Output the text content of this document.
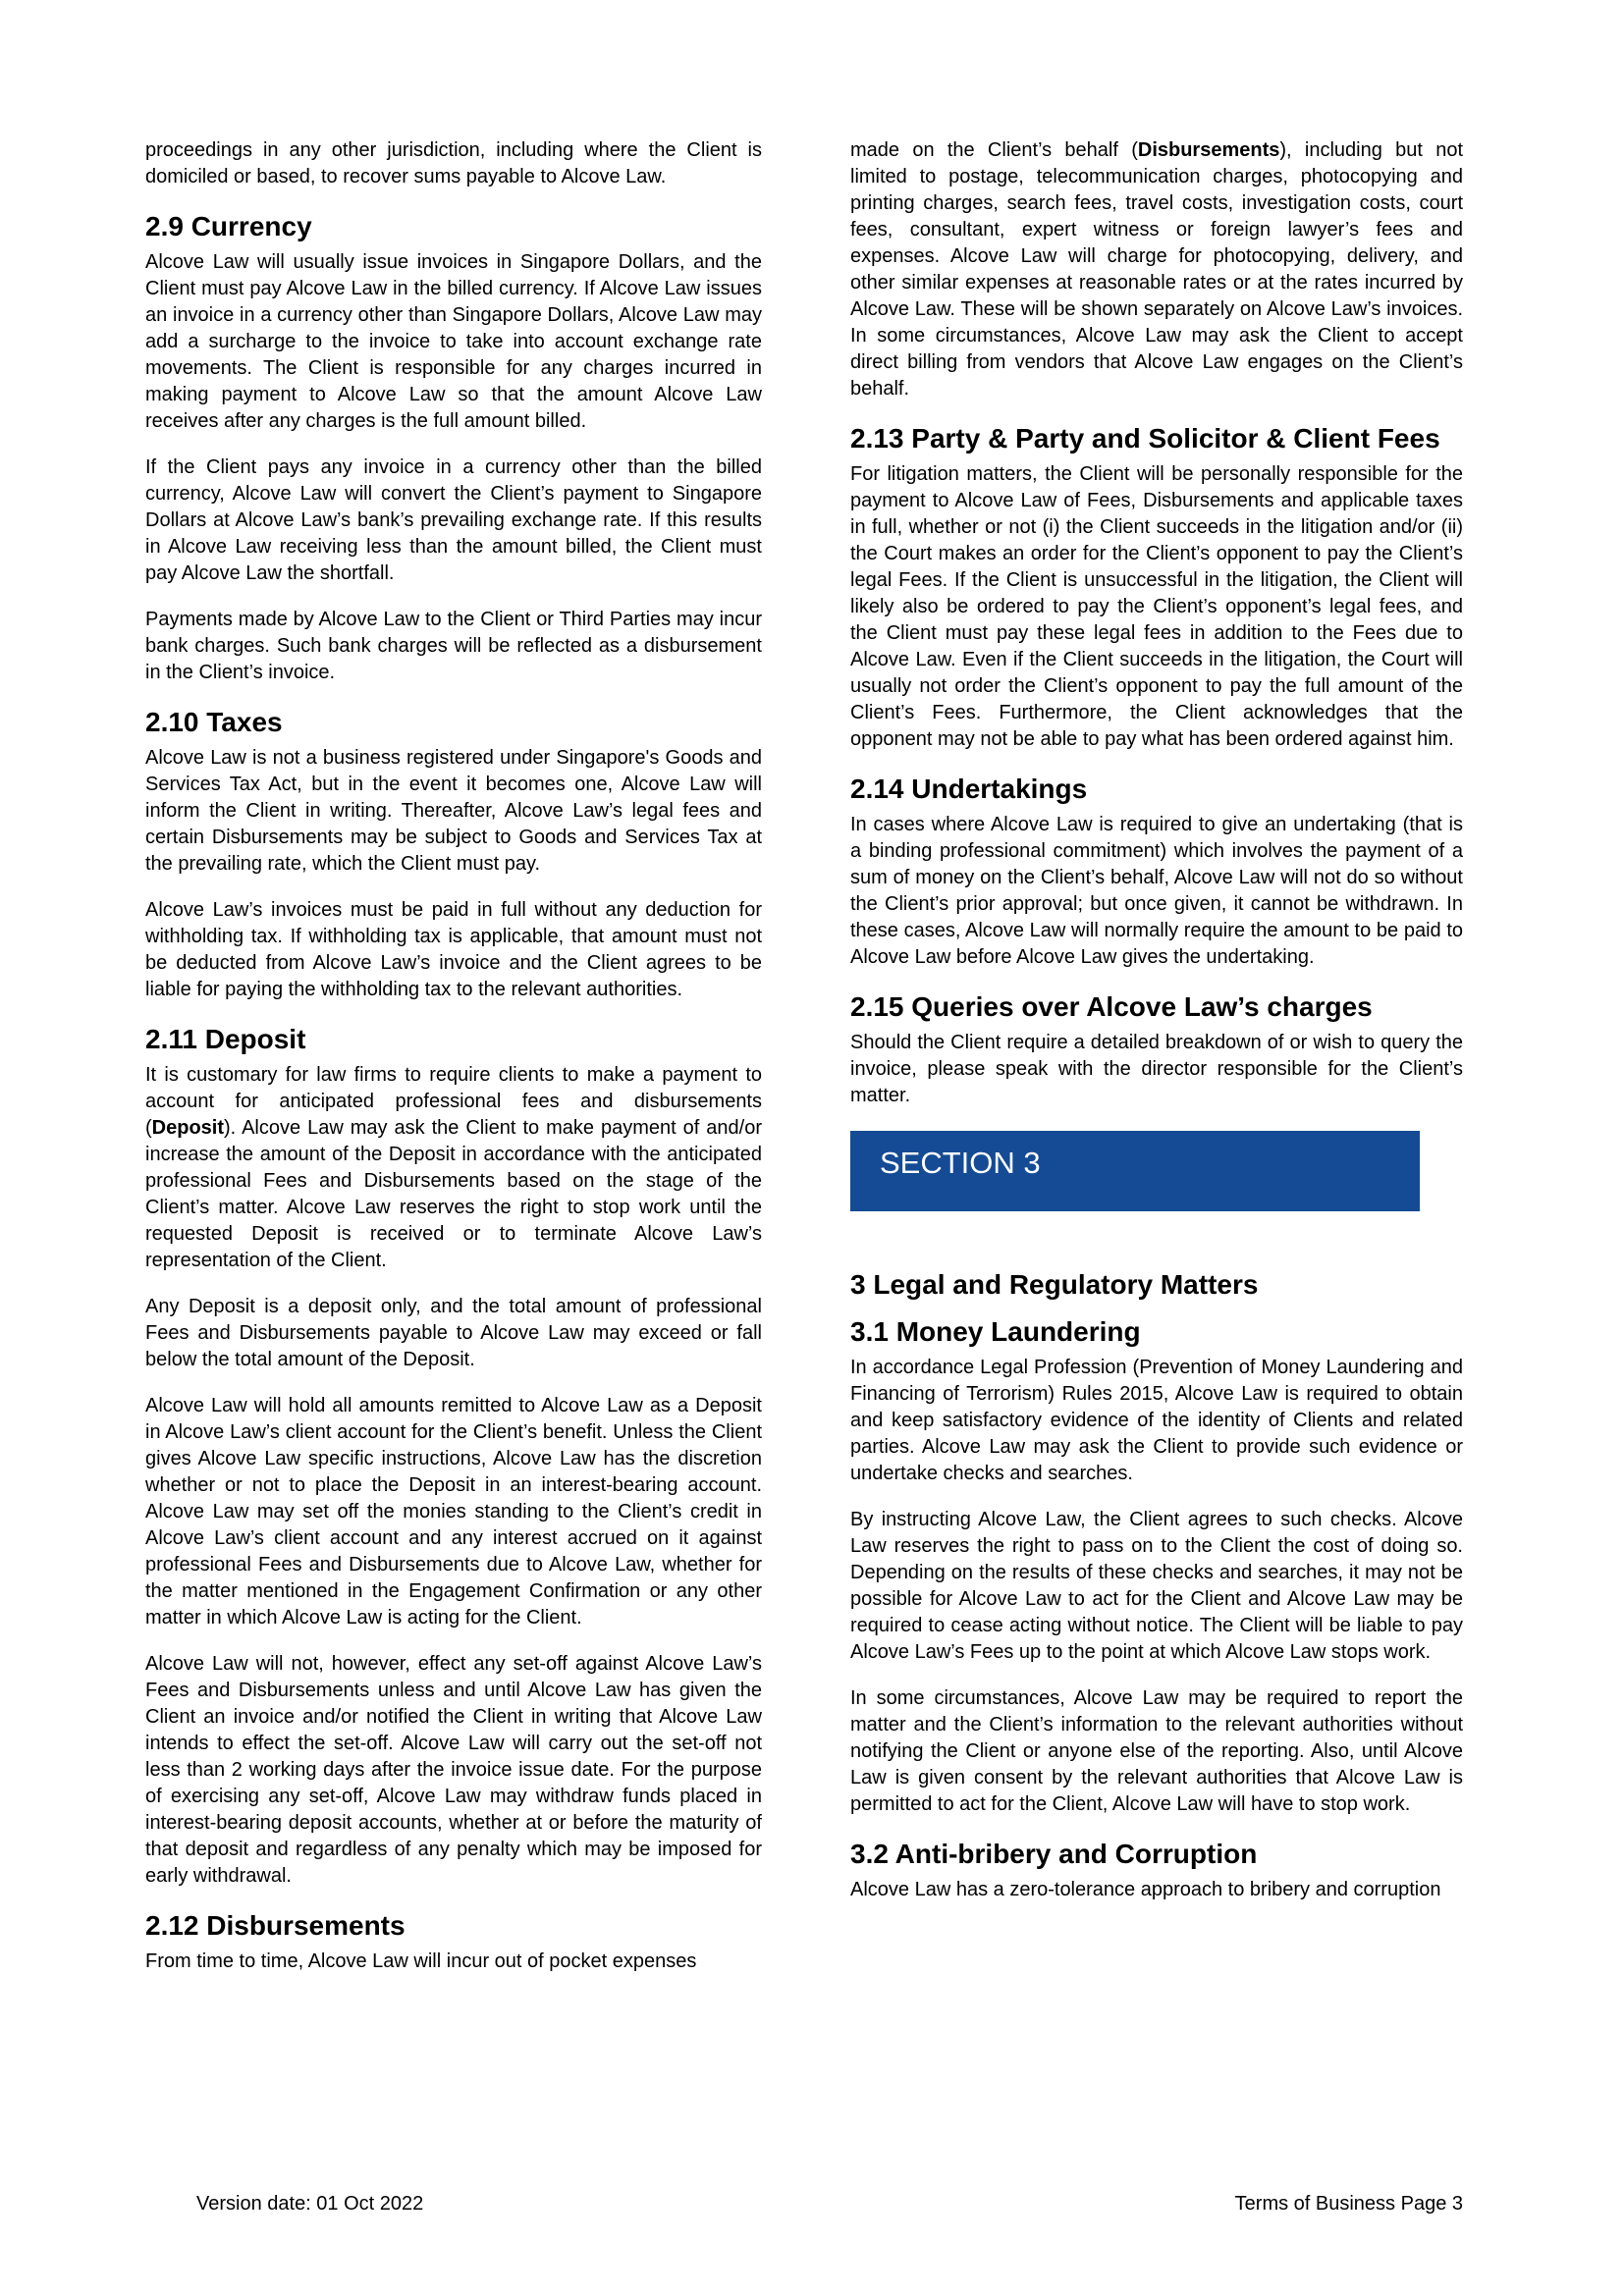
proceedings in any other jurisdiction, including where the Client is domiciled or based, to recover sums payable to Alcove Law.

2.9 Currency

Alcove Law will usually issue invoices in Singapore Dollars, and the Client must pay Alcove Law in the billed currency. If Alcove Law issues an invoice in a currency other than Singapore Dollars, Alcove Law may add a surcharge to the invoice to take into account exchange rate movements. The Client is responsible for any charges incurred in making payment to Alcove Law so that the amount Alcove Law receives after any charges is the full amount billed.

If the Client pays any invoice in a currency other than the billed currency, Alcove Law will convert the Client’s payment to Singapore Dollars at Alcove Law’s bank’s prevailing exchange rate. If this results in Alcove Law receiving less than the amount billed, the Client must pay Alcove Law the shortfall.

Payments made by Alcove Law to the Client or Third Parties may incur bank charges. Such bank charges will be reflected as a disbursement in the Client’s invoice.

2.10 Taxes

Alcove Law is not a business registered under Singapore's Goods and Services Tax Act, but in the event it becomes one, Alcove Law will inform the Client in writing. Thereafter, Alcove Law’s legal fees and certain Disbursements may be subject to Goods and Services Tax at the prevailing rate, which the Client must pay.

Alcove Law’s invoices must be paid in full without any deduction for withholding tax. If withholding tax is applicable, that amount must not be deducted from Alcove Law’s invoice and the Client agrees to be liable for paying the withholding tax to the relevant authorities.

2.11 Deposit

It is customary for law firms to require clients to make a payment to account for anticipated professional fees and disbursements (Deposit). Alcove Law may ask the Client to make payment of and/or increase the amount of the Deposit in accordance with the anticipated professional Fees and Disbursements based on the stage of the Client’s matter. Alcove Law reserves the right to stop work until the requested Deposit is received or to terminate Alcove Law’s representation of the Client.

Any Deposit is a deposit only, and the total amount of professional Fees and Disbursements payable to Alcove Law may exceed or fall below the total amount of the Deposit.

Alcove Law will hold all amounts remitted to Alcove Law as a Deposit in Alcove Law’s client account for the Client’s benefit. Unless the Client gives Alcove Law specific instructions, Alcove Law has the discretion whether or not to place the Deposit in an interest-bearing account. Alcove Law may set off the monies standing to the Client’s credit in Alcove Law’s client account and any interest accrued on it against professional Fees and Disbursements due to Alcove Law, whether for the matter mentioned in the Engagement Confirmation or any other matter in which Alcove Law is acting for the Client.

Alcove Law will not, however, effect any set-off against Alcove Law’s Fees and Disbursements unless and until Alcove Law has given the Client an invoice and/or notified the Client in writing that Alcove Law intends to effect the set-off. Alcove Law will carry out the set-off not less than 2 working days after the invoice issue date. For the purpose of exercising any set-off, Alcove Law may withdraw funds placed in interest-bearing deposit accounts, whether at or before the maturity of that deposit and regardless of any penalty which may be imposed for early withdrawal.

2.12 Disbursements

From time to time, Alcove Law will incur out of pocket expenses

made on the Client’s behalf (Disbursements), including but not limited to postage, telecommunication charges, photocopying and printing charges, search fees, travel costs, investigation costs, court fees, consultant, expert witness or foreign lawyer’s fees and expenses. Alcove Law will charge for photocopying, delivery, and other similar expenses at reasonable rates or at the rates incurred by Alcove Law. These will be shown separately on Alcove Law’s invoices. In some circumstances, Alcove Law may ask the Client to accept direct billing from vendors that Alcove Law engages on the Client’s behalf.

2.13 Party & Party and Solicitor & Client Fees

For litigation matters, the Client will be personally responsible for the payment to Alcove Law of Fees, Disbursements and applicable taxes in full, whether or not (i) the Client succeeds in the litigation and/or (ii) the Court makes an order for the Client’s opponent to pay the Client’s legal Fees. If the Client is unsuccessful in the litigation, the Client will likely also be ordered to pay the Client’s opponent’s legal fees, and the Client must pay these legal fees in addition to the Fees due to Alcove Law. Even if the Client succeeds in the litigation, the Court will usually not order the Client’s opponent to pay the full amount of the Client’s Fees. Furthermore, the Client acknowledges that the opponent may not be able to pay what has been ordered against him.

2.14 Undertakings

In cases where Alcove Law is required to give an undertaking (that is a binding professional commitment) which involves the payment of a sum of money on the Client’s behalf, Alcove Law will not do so without the Client’s prior approval; but once given, it cannot be withdrawn. In these cases, Alcove Law will normally require the amount to be paid to Alcove Law before Alcove Law gives the undertaking.

2.15 Queries over Alcove Law’s charges

Should the Client require a detailed breakdown of or wish to query the invoice, please speak with the director responsible for the Client’s matter.

SECTION 3
3 Legal and Regulatory Matters
3.1 Money Laundering

In accordance Legal Profession (Prevention of Money Laundering and Financing of Terrorism) Rules 2015, Alcove Law is required to obtain and keep satisfactory evidence of the identity of Clients and related parties. Alcove Law may ask the Client to provide such evidence or undertake checks and searches.

By instructing Alcove Law, the Client agrees to such checks. Alcove Law reserves the right to pass on to the Client the cost of doing so. Depending on the results of these checks and searches, it may not be possible for Alcove Law to act for the Client and Alcove Law may be required to cease acting without notice. The Client will be liable to pay Alcove Law’s Fees up to the point at which Alcove Law stops work.

In some circumstances, Alcove Law may be required to report the matter and the Client’s information to the relevant authorities without notifying the Client or anyone else of the reporting. Also, until Alcove Law is given consent by the relevant authorities that Alcove Law is permitted to act for the Client, Alcove Law will have to stop work.

3.2 Anti-bribery and Corruption

Alcove Law has a zero-tolerance approach to bribery and corruption

Version date: 01 Oct 2022	Terms of Business Page 3
